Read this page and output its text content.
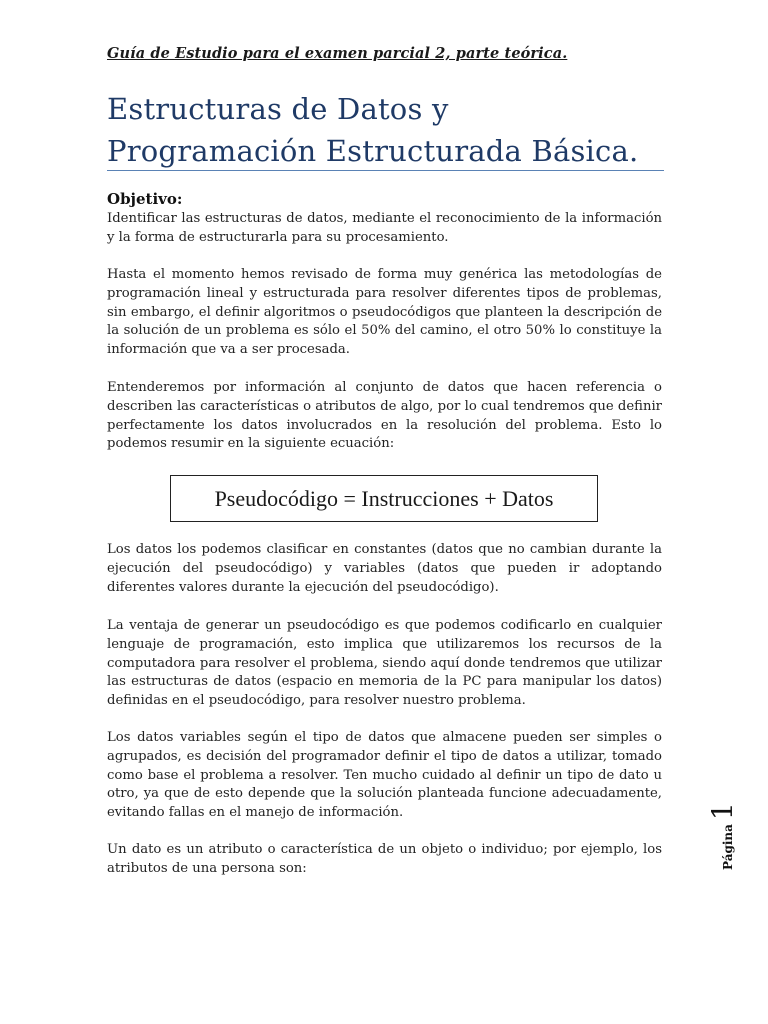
Guía de Estudio para el examen parcial 2, parte teórica.
Estructuras de Datos y Programación Estructurada Básica.
Objetivo:
Identificar las estructuras de datos, mediante el reconocimiento de la información y la forma de estructurarla para su procesamiento.
Hasta el momento hemos revisado de forma muy genérica las metodologías de programación lineal y estructurada para resolver diferentes tipos de problemas, sin embargo, el definir algoritmos o pseudocódigos que planteen la descripción de la solución de un problema es sólo el 50% del camino, el otro 50% lo constituye la información que va a ser procesada.
Entenderemos por información al conjunto de datos que hacen referencia o describen las características o atributos de algo, por lo cual tendremos que definir perfectamente los datos involucrados en la resolución del problema. Esto lo podemos resumir en la siguiente ecuación:
Pseudocódigo = Instrucciones + Datos
Los datos los podemos clasificar en constantes (datos que no cambian durante la ejecución del pseudocódigo) y variables (datos que pueden ir adoptando diferentes valores durante la ejecución del pseudocódigo).
La ventaja de generar un pseudocódigo es que podemos codificarlo en cualquier lenguaje de programación, esto implica que utilizaremos los recursos de la computadora para resolver el problema, siendo aquí donde tendremos que utilizar las estructuras de datos (espacio en memoria de la PC para manipular los datos) definidas en el pseudocódigo, para resolver nuestro problema.
Los datos variables según el tipo de datos que almacene pueden ser simples o agrupados, es decisión del programador definir el tipo de datos a utilizar, tomado como base el problema a resolver. Ten mucho cuidado al definir un tipo de dato u otro, ya que de esto depende que la solución planteada funcione adecuadamente, evitando fallas en el manejo de información.
Un dato es un atributo o característica de un objeto o individuo; por ejemplo, los atributos de una persona son:	Página
1
